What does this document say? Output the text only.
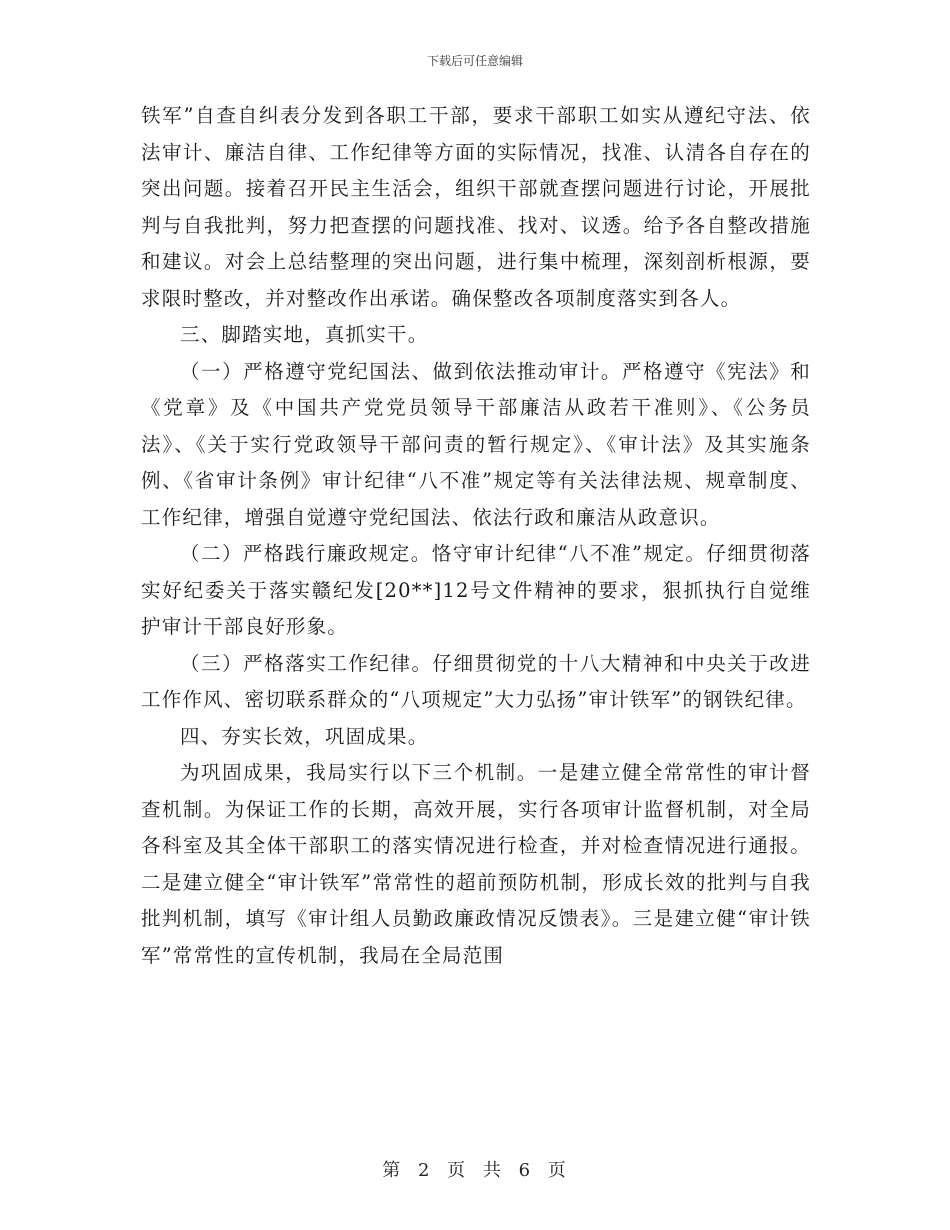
下载后可任意编辑

铁军”自查自纠表分发到各职工干部，要求干部职工如实从遵纪守法、依法审计、廉洁自律、工作纪律等方面的实际情况，找准、认清各自存在的突出问题。接着召开民主生活会，组织干部就查摆问题进行讨论，开展批判与自我批判，努力把查摆的问题找准、找对、议透。给予各自整改措施和建议。对会上总结整理的突出问题，进行集中梳理，深刻剖析根源，要求限时整改，并对整改作出承诺。确保整改各项制度落实到各人。

三、脚踏实地，真抓实干。

（一）严格遵守党纪国法、做到依法推动审计。严格遵守《宪法》和《党章》及《中国共产党党员领导干部廉洁从政若干准则》、《公务员法》、《关于实行党政领导干部问责的暂行规定》、《审计法》及其实施条例、《省审计条例》审计纪律“八不准”规定等有关法律法规、规章制度、工作纪律，增强自觉遵守党纪国法、依法行政和廉洁从政意识。

（二）严格践行廉政规定。恪守审计纪律“八不准”规定。仔细贯彻落实好纪委关于落实赣纪发[20**]12号文件精神的要求，狠抓执行自觉维护审计干部良好形象。

（三）严格落实工作纪律。仔细贯彻党的十八大精神和中央关于改进工作作风、密切联系群众的“八项规定”大力弘扬”审计铁军”的钢铁纪律。

四、夯实长效，巩固成果。

为巩固成果，我局实行以下三个机制。一是建立健全常常性的审计督查机制。为保证工作的长期，高效开展，实行各项审计监督机制，对全局各科室及其全体干部职工的落实情况进行检查，并对检查情况进行通报。二是建立健全“审计铁军”常常性的超前预防机制，形成长效的批判与自我批判机制，填写《审计组人员勤政廉政情况反馈表》。三是建立健“审计铁军”常常性的宣传机制，我局在全局范围

第 2 页 共 6 页
